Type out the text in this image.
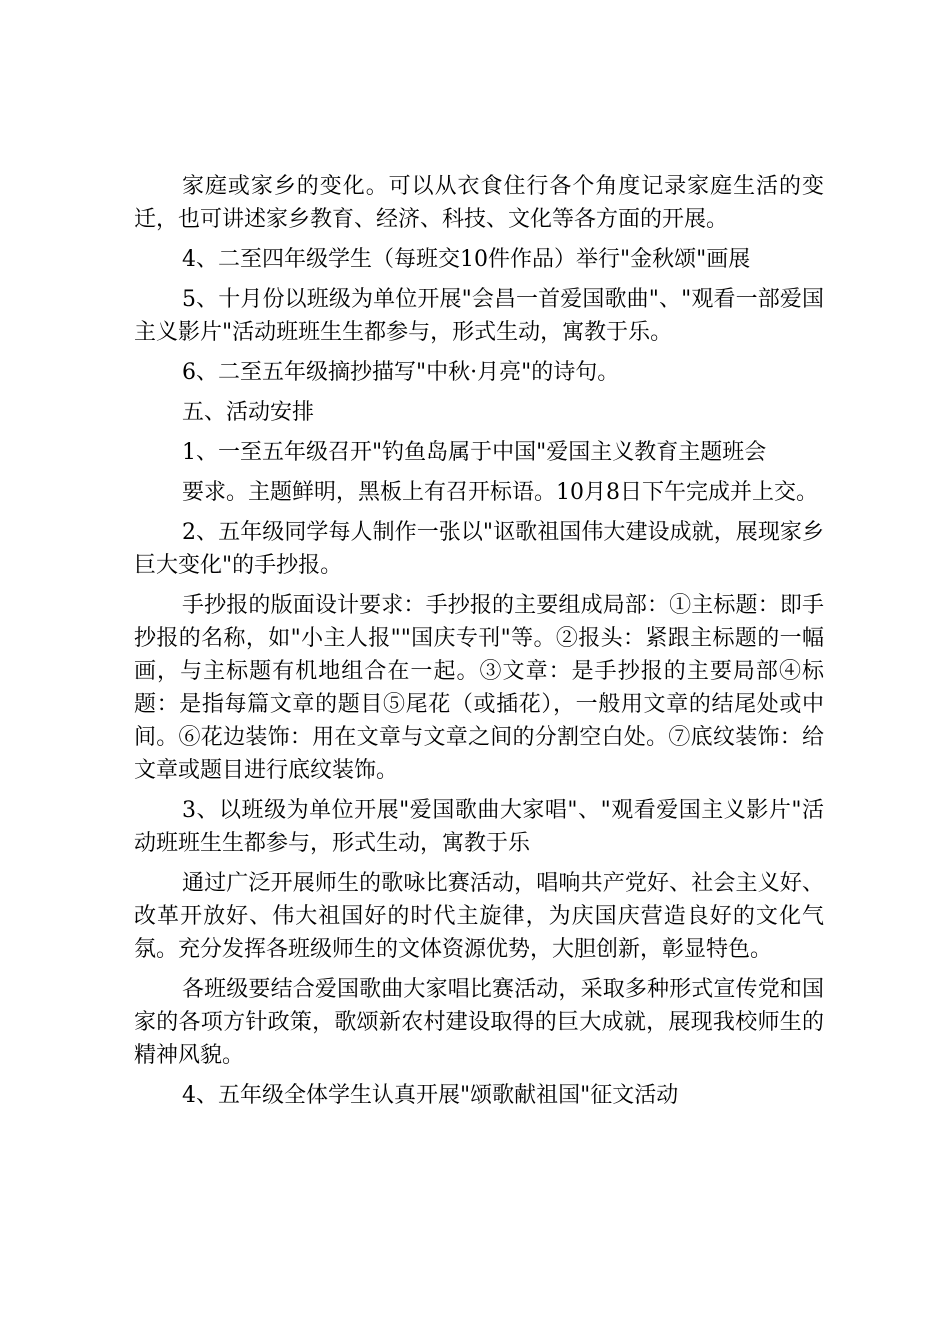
家庭或家乡的变化。可以从衣食住行各个角度记录家庭生活的变迁，也可讲述家乡教育、经济、科技、文化等各方面的开展。

4、二至四年级学生（每班交10件作品）举行"金秋颂"画展

5、十月份以班级为单位开展"会昌一首爱国歌曲"、"观看一部爱国主义影片"活动班班生生都参与，形式生动，寓教于乐。

6、二至五年级摘抄描写"中秋·月亮"的诗句。

五、活动安排

1、一至五年级召开"钓鱼岛属于中国"爱国主义教育主题班会

要求。主题鲜明，黑板上有召开标语。10月8日下午完成并上交。

2、五年级同学每人制作一张以"讴歌祖国伟大建设成就，展现家乡巨大变化"的手抄报。

手抄报的版面设计要求：手抄报的主要组成局部：①主标题：即手抄报的名称，如"小主人报""国庆专刊"等。②报头：紧跟主标题的一幅画，与主标题有机地组合在一起。③文章：是手抄报的主要局部④标题：是指每篇文章的题目⑤尾花（或插花），一般用文章的结尾处或中间。⑥花边装饰：用在文章与文章之间的分割空白处。⑦底纹装饰：给文章或题目进行底纹装饰。

3、以班级为单位开展"爱国歌曲大家唱"、"观看爱国主义影片"活动班班生生都参与，形式生动，寓教于乐

通过广泛开展师生的歌咏比赛活动，唱响共产党好、社会主义好、改革开放好、伟大祖国好的时代主旋律，为庆国庆营造良好的文化气氛。充分发挥各班级师生的文体资源优势，大胆创新，彰显特色。

各班级要结合爱国歌曲大家唱比赛活动，采取多种形式宣传党和国家的各项方针政策，歌颂新农村建设取得的巨大成就，展现我校师生的精神风貌。

4、五年级全体学生认真开展"颂歌献祖国"征文活动
